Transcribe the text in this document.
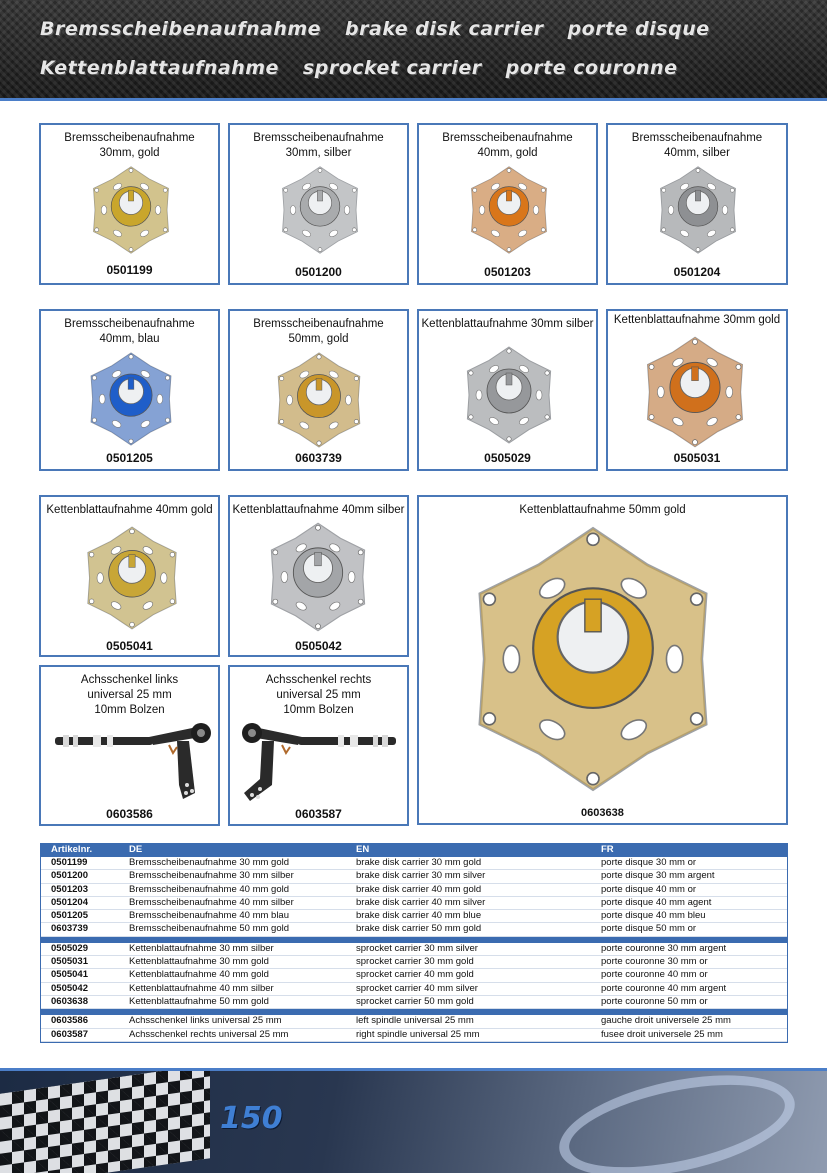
Bremsscheibenaufnahme brake disk carrier porte disque
Kettenblattaufnahme sprocket carrier porte couronne
Bremsscheibenaufnahme
30mm, gold
0501199
Bremsscheibenaufnahme
30mm, silber
0501200
Bremsscheibenaufnahme
40mm, gold
0501203
Bremsscheibenaufnahme
40mm, silber
0501204
Bremsscheibenaufnahme
40mm, blau
0501205
Bremsscheibenaufnahme
50mm, gold
0603739
Kettenblattaufnahme 30mm silber
0505029
Kettenblattaufnahme 30mm gold
0505031
Kettenblattaufnahme 40mm gold
0505041
Kettenblattaufnahme 40mm silber
0505042
Kettenblattaufnahme 50mm gold
0603638
Achsschenkel links
universal 25 mm
10mm Bolzen
0603586
Achsschenkel rechts
universal 25 mm
10mm Bolzen
0603587
Artikelnr.	DE	EN	FR
0501199	Bremsscheibenaufnahme 30 mm gold	brake disk carrier 30 mm gold	porte disque 30 mm or
0501200	Bremsscheibenaufnahme 30 mm silber	brake disk carrier 30 mm silver	porte disque 30 mm argent
0501203	Bremsscheibenaufnahme 40 mm gold	brake disk carrier 40 mm gold	porte disque 40 mm or
0501204	Bremsscheibenaufnahme 40 mm silber	brake disk carrier 40 mm silver	porte disque 40 mm agent
0501205	Bremsscheibenaufnahme 40 mm blau	brake disk carrier 40 mm blue	porte disque 40 mm bleu
0603739	Bremsscheibenaufnahme 50 mm gold	brake disk carrier 50 mm gold	porte disque 50 mm or
0505029	Kettenblattaufnahme 30 mm silber	sprocket carrier 30 mm silver	porte couronne 30 mm argent
0505031	Kettenblattaufnahme 30 mm gold	sprocket carrier 30 mm gold	porte couronne 30 mm or
0505041	Kettenblattaufnahme 40 mm gold	sprocket carrier 40 mm gold	porte couronne 40 mm or
0505042	Kettenblattaufnahme 40 mm silber	sprocket carrier 40 mm silver	porte couronne 40 mm argent
0603638	Kettenblattaufnahme 50 mm gold	sprocket carrier 50 mm gold	porte couronne 50 mm or
0603586	Achsschenkel links universal 25 mm	left spindle universal 25 mm	gauche droit universele 25 mm
0603587	Achsschenkel rechts universal 25 mm	right spindle universal 25 mm	fusee droit universele 25 mm
150
